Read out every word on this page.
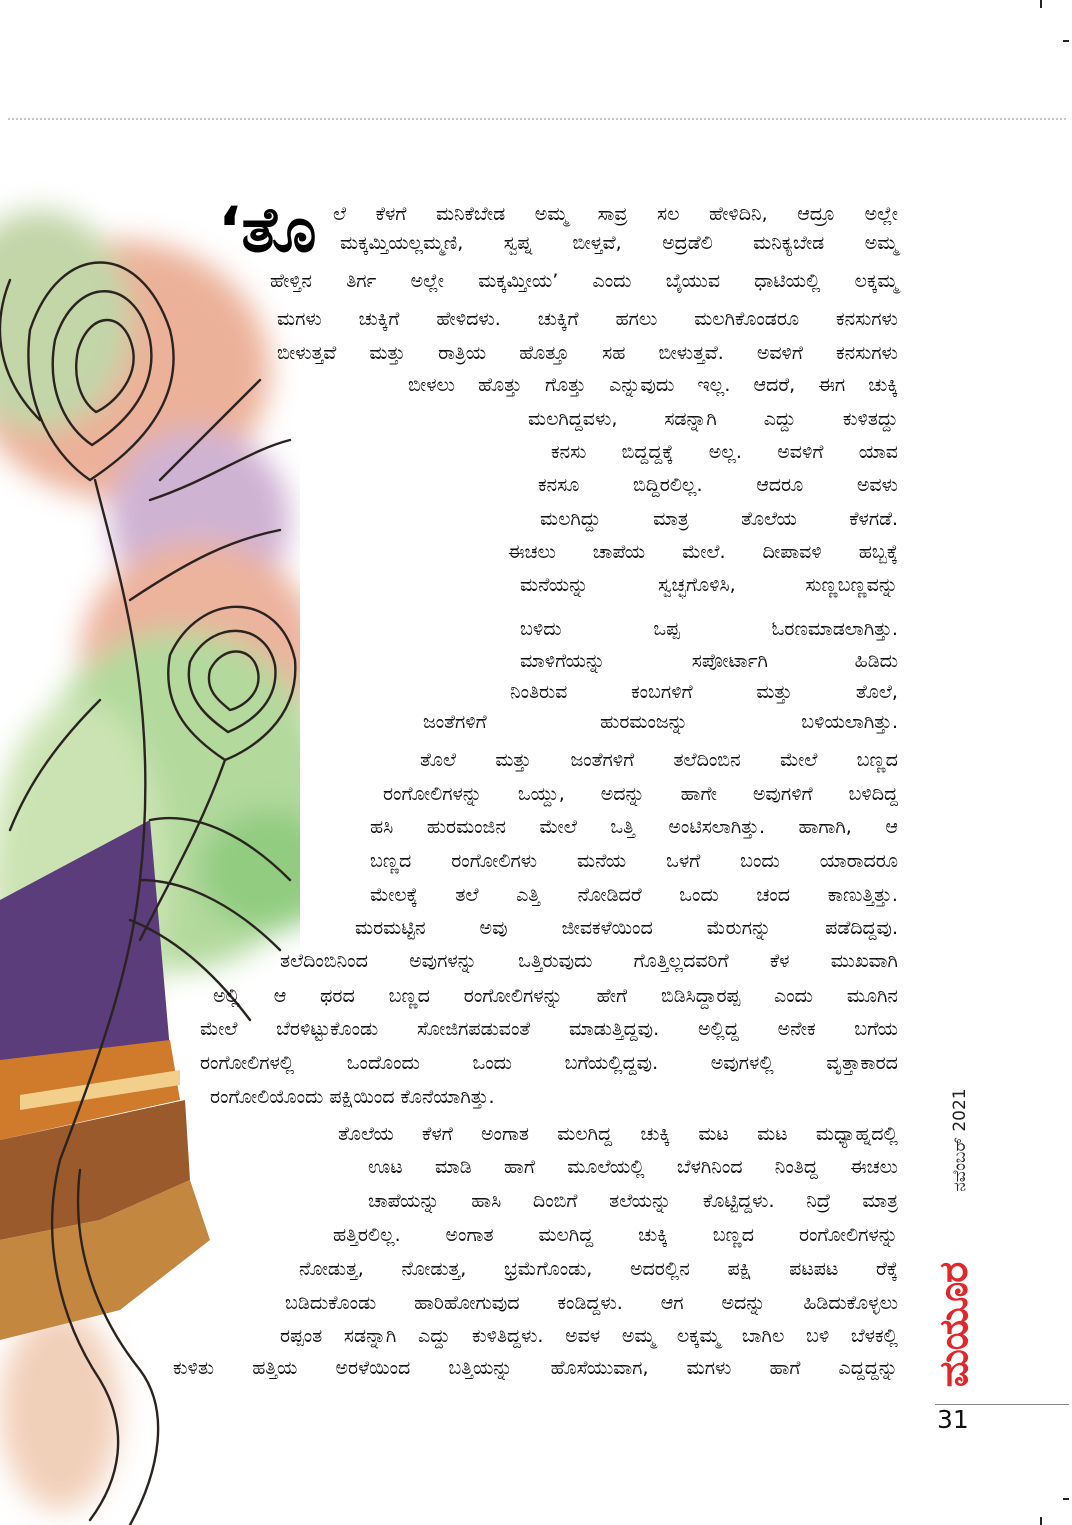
‘ತೊ ಲೆ ಕೆಳಗೆ ಮನಿಕೆಬೇಡ ಅಮ್ಮ ಸಾವ್ರ ಸಲ ಹೇಳಿದಿನಿ, ಆದ್ರೂ ಅಲ್ಲೇ
ಮಕ್ಕಮ್ತಿಯಲ್ಲಮ್ಮಣಿ, ಸ್ವಪ್ನ ಬೀಳ್ತವೆ, ಅದ್ರಡೆಲಿ ಮನಿಕ್ಯಬೇಡ ಅಮ್ಮ
ಹೇಳ್ತಿನ ತಿರ್ಗ ಅಲ್ಲೇ ಮಕ್ಕಮ್ತೀಯ’ ಎಂದು ಬೈಯುವ ಧಾಟಿಯಲ್ಲಿ ಲಕ್ಕಮ್ಮ
ಮಗಳು ಚುಕ್ಕಿಗೆ ಹೇಳಿದಳು. ಚುಕ್ಕಿಗೆ ಹಗಲು ಮಲಗಿಕೊಂಡರೂ ಕನಸುಗಳು
ಬೀಳುತ್ತವೆ ಮತ್ತು ರಾತ್ರಿಯ ಹೊತ್ತೂ ಸಹ ಬೀಳುತ್ತವೆ. ಅವಳಿಗೆ ಕನಸುಗಳು
ಬೀಳಲು ಹೊತ್ತು ಗೊತ್ತು ಎನ್ನುವುದು ಇಲ್ಲ. ಆದರೆ, ಈಗ ಚುಕ್ಕಿ
ಮಲಗಿದ್ದವಳು, ಸಡನ್ನಾಗಿ ಎದ್ದು ಕುಳಿತದ್ದು
ಕನಸು ಬಿದ್ದದ್ದಕ್ಕೆ ಅಲ್ಲ. ಅವಳಿಗೆ ಯಾವ
ಕನಸೂ	ಬಿದ್ದಿರಲಿಲ್ಲ.	ಆದರೂ	ಅವಳು
ಮಲಗಿದ್ದು	ಮಾತ್ರ	ತೊಲೆಯ	ಕೆಳಗಡೆ.
ಈಚಲು ಚಾಪೆಯ ಮೇಲೆ. ದೀಪಾವಳಿ ಹಬ್ಬಕ್ಕೆ
ಮನೆಯನ್ನು	ಸ್ವಚ್ಛಗೊಳಿಸಿ,	ಸುಣ್ಣಬಣ್ಣವನ್ನು
ಬಳಿದು	ಒಪ್ಪ	ಓರಣಮಾಡಲಾಗಿತ್ತು.
ಮಾಳಿಗೆಯನ್ನು	ಸಪೋರ್ಟಾಗಿ	ಹಿಡಿದು
ನಿಂತಿರುವ	ಕಂಬಗಳಿಗೆ	ಮತ್ತು	ತೊಲೆ,
ಜಂತೆಗಳಿಗೆ	ಹುರಮಂಜನ್ನು	ಬಳಿಯಲಾಗಿತ್ತು.
ತೊಲೆ ಮತ್ತು ಜಂತೆಗಳಿಗೆ ತಲೆದಿಂಬಿನ ಮೇಲೆ ಬಣ್ಣದ
ರಂಗೋಲಿಗಳನ್ನು ಒಯ್ದು, ಅದನ್ನು ಹಾಗೇ ಅವುಗಳಿಗೆ ಬಳಿದಿದ್ದ
ಹಸಿ ಹುರಮಂಜಿನ ಮೇಲೆ ಒತ್ತಿ ಅಂಟಿಸಲಾಗಿತ್ತು. ಹಾಗಾಗಿ, ಆ
ಬಣ್ಣದ ರಂಗೋಲಿಗಳು ಮನೆಯ ಒಳಗೆ ಬಂದು ಯಾರಾದರೂ
ಮೇಲಕ್ಕೆ ತಲೆ ಎತ್ತಿ ನೋಡಿದರೆ ಒಂದು ಚಂದ ಕಾಣುತ್ತಿತ್ತು.
ಮರಮಟ್ಟಿನ	ಅವು	ಜೀವಕಳೆಯಿಂದ	ಮೆರುಗನ್ನು	ಪಡೆದಿದ್ದವು.
ತಲೆದಿಂಬಿನಿಂದ ಅವುಗಳನ್ನು ಒತ್ತಿರುವುದು ಗೊತ್ತಿಲ್ಲದವರಿಗೆ ಕೆಳ ಮುಖವಾಗಿ
ಅಲ್ಲಿ ಆ ಥರದ ಬಣ್ಣದ ರಂಗೋಲಿಗಳನ್ನು ಹೇಗೆ ಬಿಡಿಸಿದ್ದಾರಪ್ಪ ಎಂದು ಮೂಗಿನ
ಮೇಲೆ ಬೆರಳಿಟ್ಟುಕೊಂಡು ಸೋಜಿಗಪಡುವಂತೆ ಮಾಡುತ್ತಿದ್ದವು. ಅಲ್ಲಿದ್ದ ಅನೇಕ ಬಗೆಯ
ರಂಗೋಲಿಗಳಲ್ಲಿ	ಒಂದೊಂದು	ಒಂದು	ಬಗೆಯಲ್ಲಿದ್ದವು.	ಅವುಗಳಲ್ಲಿ	ವೃತ್ತಾಕಾರದ
ರಂಗೋಲಿಯೊಂದು ಪಕ್ಷಿಯಿಂದ ಕೊನೆಯಾಗಿತ್ತು.
ತೊಲೆಯ ಕೆಳಗೆ ಅಂಗಾತ ಮಲಗಿದ್ದ ಚುಕ್ಕಿ ಮಟ ಮಟ ಮಧ್ಯಾಹ್ನದಲ್ಲಿ
ಊಟ ಮಾಡಿ ಹಾಗೆ ಮೂಲೆಯಲ್ಲಿ ಬೆಳಗಿನಿಂದ ನಿಂತಿದ್ದ ಈಚಲು
ಚಾಪೆಯನ್ನು ಹಾಸಿ ದಿಂಬಿಗೆ ತಲೆಯನ್ನು ಕೊಟ್ಟಿದ್ದಳು. ನಿದ್ರೆ ಮಾತ್ರ
ಹತ್ತಿರಲಿಲ್ಲ. ಅಂಗಾತ ಮಲಗಿದ್ದ ಚುಕ್ಕಿ ಬಣ್ಣದ ರಂಗೋಲಿಗಳನ್ನು
ನೋಡುತ್ತ, ನೋಡುತ್ತ, ಭ್ರಮೆಗೊಂಡು, ಅದರಲ್ಲಿನ ಪಕ್ಷಿ ಪಟಪಟ ರೆಕ್ಕೆ
ಬಡಿದುಕೊಂಡು ಹಾರಿಹೋಗುವುದ ಕಂಡಿದ್ದಳು. ಆಗ ಅದನ್ನು ಹಿಡಿದುಕೊಳ್ಳಲು
ರಪ್ಪಂತ ಸಡನ್ನಾಗಿ ಎದ್ದು ಕುಳಿತಿದ್ದಳು. ಅವಳ ಅಮ್ಮ ಲಕ್ಕಮ್ಮ ಬಾಗಿಲ ಬಳಿ ಬೆಳಕಲ್ಲಿ
ಕುಳಿತು ಹತ್ತಿಯ ಅರಳೆಯಿಂದ ಬತ್ತಿಯನ್ನು ಹೊಸೆಯುವಾಗ, ಮಗಳು ಹಾಗೆ ಎದ್ದದ್ದನ್ನು
ನವೆಂಬರ್ 2021
ಮಯೂರ
31
